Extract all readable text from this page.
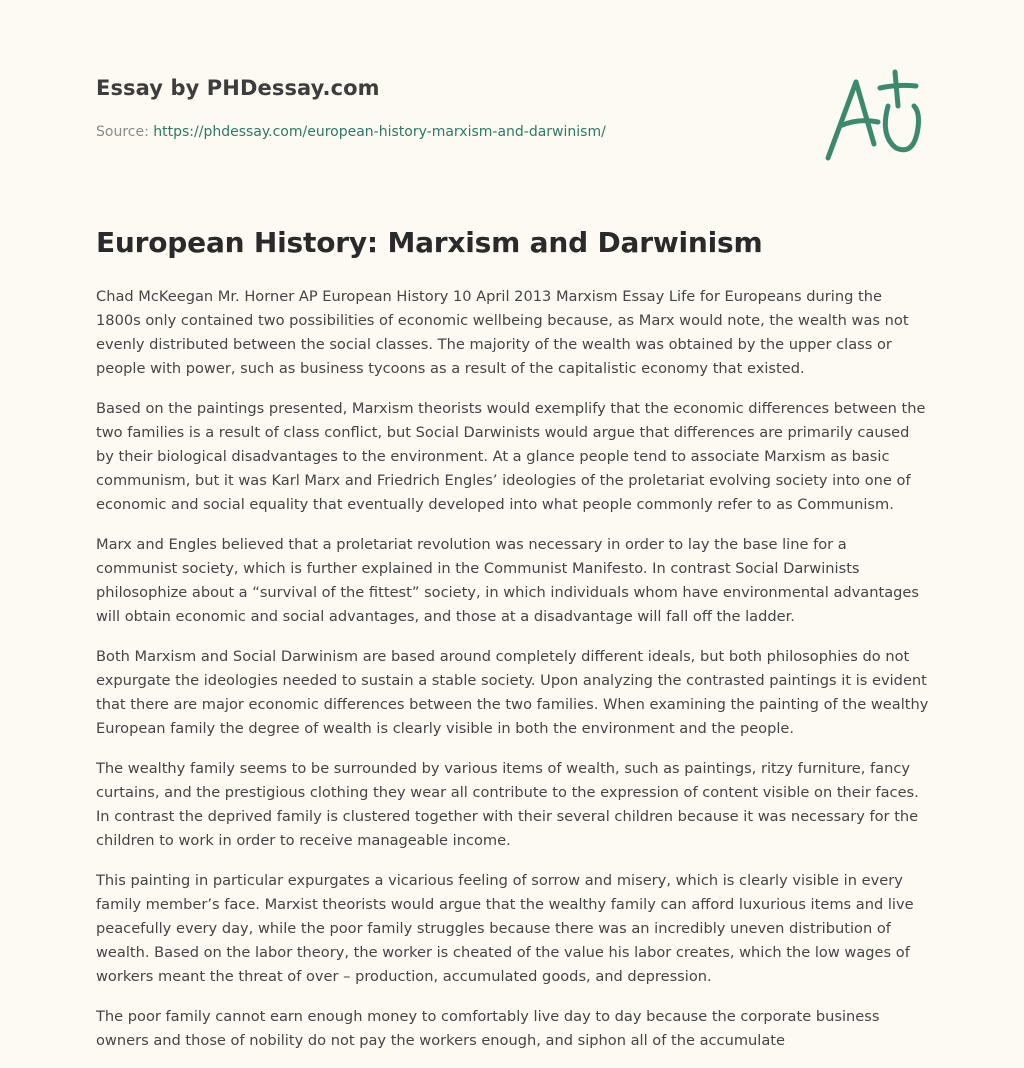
Essay by PHDessay.com
Source: https://phdessay.com/european-history-marxism-and-darwinism/
European History: Marxism and Darwinism

Chad McKeegan Mr. Horner AP European History 10 April 2013 Marxism Essay Life for Europeans during the 1800s only contained two possibilities of economic wellbeing because, as Marx would note, the wealth was not evenly distributed between the social classes. The majority of the wealth was obtained by the upper class or people with power, such as business tycoons as a result of the capitalistic economy that existed.

Based on the paintings presented, Marxism theorists would exemplify that the economic differences between the two families is a result of class conflict, but Social Darwinists would argue that differences are primarily caused by their biological disadvantages to the environment. At a glance people tend to associate Marxism as basic communism, but it was Karl Marx and Friedrich Engles’ ideologies of the proletariat evolving society into one of economic and social equality that eventually developed into what people commonly refer to as Communism.

Marx and Engles believed that a proletariat revolution was necessary in order to lay the base line for a communist society, which is further explained in the Communist Manifesto. In contrast Social Darwinists philosophize about a “survival of the fittest” society, in which individuals whom have environmental advantages will obtain economic and social advantages, and those at a disadvantage will fall off the ladder.

Both Marxism and Social Darwinism are based around completely different ideals, but both philosophies do not expurgate the ideologies needed to sustain a stable society. Upon analyzing the contrasted paintings it is evident that there are major economic differences between the two families. When examining the painting of the wealthy European family the degree of wealth is clearly visible in both the environment and the people.

The wealthy family seems to be surrounded by various items of wealth, such as paintings, ritzy furniture, fancy curtains, and the prestigious clothing they wear all contribute to the expression of content visible on their faces. In contrast the deprived family is clustered together with their several children because it was necessary for the children to work in order to receive manageable income.

This painting in particular expurgates a vicarious feeling of sorrow and misery, which is clearly visible in every family member’s face. Marxist theorists would argue that the wealthy family can afford luxurious items and live peacefully every day, while the poor family struggles because there was an incredibly uneven distribution of wealth. Based on the labor theory, the worker is cheated of the value his labor creates, which the low wages of workers meant the threat of over – production, accumulated goods, and depression.

The poor family cannot earn enough money to comfortably live day to day because the corporate business owners and those of nobility do not pay the workers enough, and siphon all of the accumulate
